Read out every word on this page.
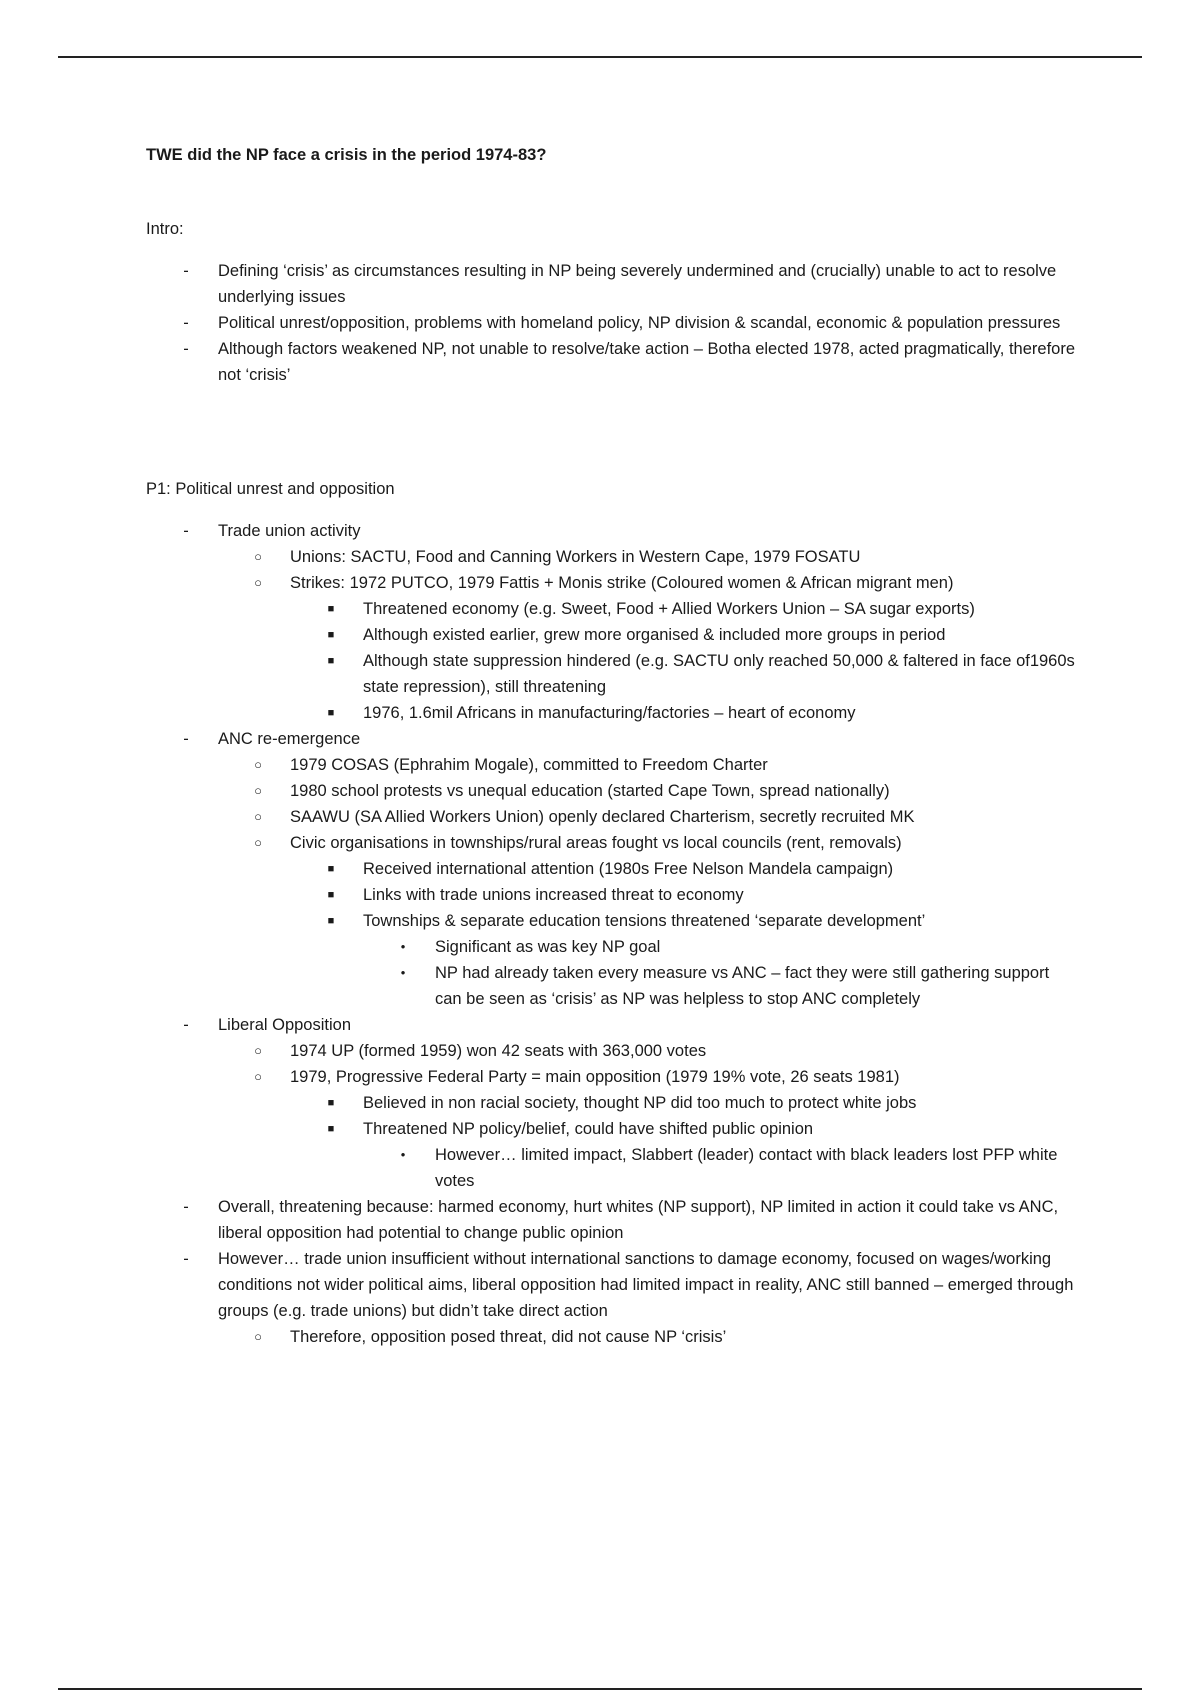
TWE did the NP face a crisis in the period 1974-83?
Intro:
-	Defining ‘crisis’ as circumstances resulting in NP being severely undermined and (crucially) unable to act to resolve underlying issues
-	Political unrest/opposition, problems with homeland policy, NP division & scandal, economic & population pressures
-	Although factors weakened NP, not unable to resolve/take action – Botha elected 1978, acted pragmatically, therefore not ‘crisis’
P1: Political unrest and opposition
-	Trade union activity
○	Unions: SACTU, Food and Canning Workers in Western Cape, 1979 FOSATU
○	Strikes: 1972 PUTCO, 1979 Fattis + Monis strike (Coloured women & African migrant men)
■	Threatened economy (e.g. Sweet, Food + Allied Workers Union – SA sugar exports)
■	Although existed earlier, grew more organised & included more groups in period
■	Although state suppression hindered (e.g. SACTU only reached 50,000 & faltered in face of1960s state repression), still threatening
■	1976, 1.6mil Africans in manufacturing/factories – heart of economy
-	ANC re-emergence
○	1979 COSAS (Ephrahim Mogale), committed to Freedom Charter
○	1980 school protests vs unequal education (started Cape Town, spread nationally)
○	SAAWU (SA Allied Workers Union) openly declared Charterism, secretly recruited MK
○	Civic organisations in townships/rural areas fought vs local councils (rent, removals)
■	Received international attention (1980s Free Nelson Mandela campaign)
■	Links with trade unions increased threat to economy
■	Townships & separate education tensions threatened ‘separate development’
•	Significant as was key NP goal
•	NP had already taken every measure vs ANC – fact they were still gathering support can be seen as ‘crisis’ as NP was helpless to stop ANC completely
-	Liberal Opposition
○	1974 UP (formed 1959) won 42 seats with 363,000 votes
○	1979, Progressive Federal Party = main opposition (1979 19% vote, 26 seats 1981)
■	Believed in non racial society, thought NP did too much to protect white jobs
■	Threatened NP policy/belief, could have shifted public opinion
•	However… limited impact, Slabbert (leader) contact with black leaders lost PFP white votes
-	Overall, threatening because: harmed economy, hurt whites (NP support), NP limited in action it could take vs ANC, liberal opposition had potential to change public opinion
-	However… trade union insufficient without international sanctions to damage economy, focused on wages/working conditions not wider political aims, liberal opposition had limited impact in reality, ANC still banned – emerged through groups (e.g. trade unions) but didn’t take direct action
○	Therefore, opposition posed threat, did not cause NP ‘crisis’
